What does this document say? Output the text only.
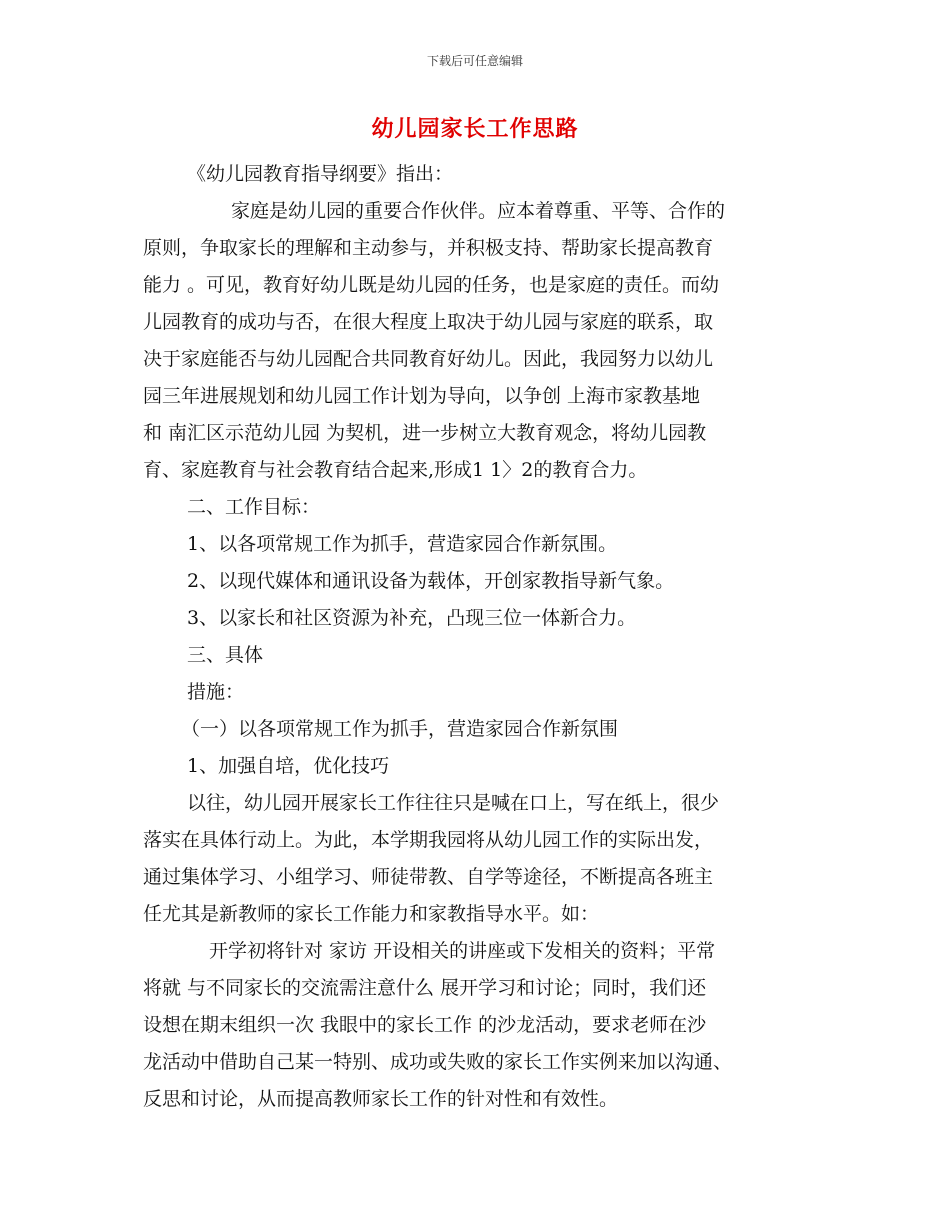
下载后可任意编辑
幼儿园家长工作思路
《幼儿园教育指导纲要》指出：
家庭是幼儿园的重要合作伙伴。应本着尊重、平等、合作的
原则，争取家长的理解和主动参与，并积极支持、帮助家长提高教育
能力 。可见，教育好幼儿既是幼儿园的任务，也是家庭的责任。而幼
儿园教育的成功与否，在很大程度上取决于幼儿园与家庭的联系，取
决于家庭能否与幼儿园配合共同教育好幼儿。因此，我园努力以幼儿
园三年进展规划和幼儿园工作计划为导向，以争创 上海市家教基地
和 南汇区示范幼儿园 为契机，进一步树立大教育观念，将幼儿园教
育、家庭教育与社会教育结合起来,形成1 1〉2的教育合力。
二、工作目标：
1、以各项常规工作为抓手，营造家园合作新氛围。
2、以现代媒体和通讯设备为载体，开创家教指导新气象。
3、以家长和社区资源为补充，凸现三位一体新合力。
三、具体
措施：
（一）以各项常规工作为抓手，营造家园合作新氛围
1、加强自培，优化技巧
以往，幼儿园开展家长工作往往只是喊在口上，写在纸上，很少
落实在具体行动上。为此，本学期我园将从幼儿园工作的实际出发，
通过集体学习、小组学习、师徒带教、自学等途径，不断提高各班主
任尤其是新教师的家长工作能力和家教指导水平。如：
开学初将针对 家访 开设相关的讲座或下发相关的资料；平常
将就 与不同家长的交流需注意什么 展开学习和讨论；同时，我们还
设想在期末组织一次 我眼中的家长工作 的沙龙活动，要求老师在沙
龙活动中借助自己某一特别、成功或失败的家长工作实例来加以沟通、
反思和讨论，从而提高教师家长工作的针对性和有效性。
